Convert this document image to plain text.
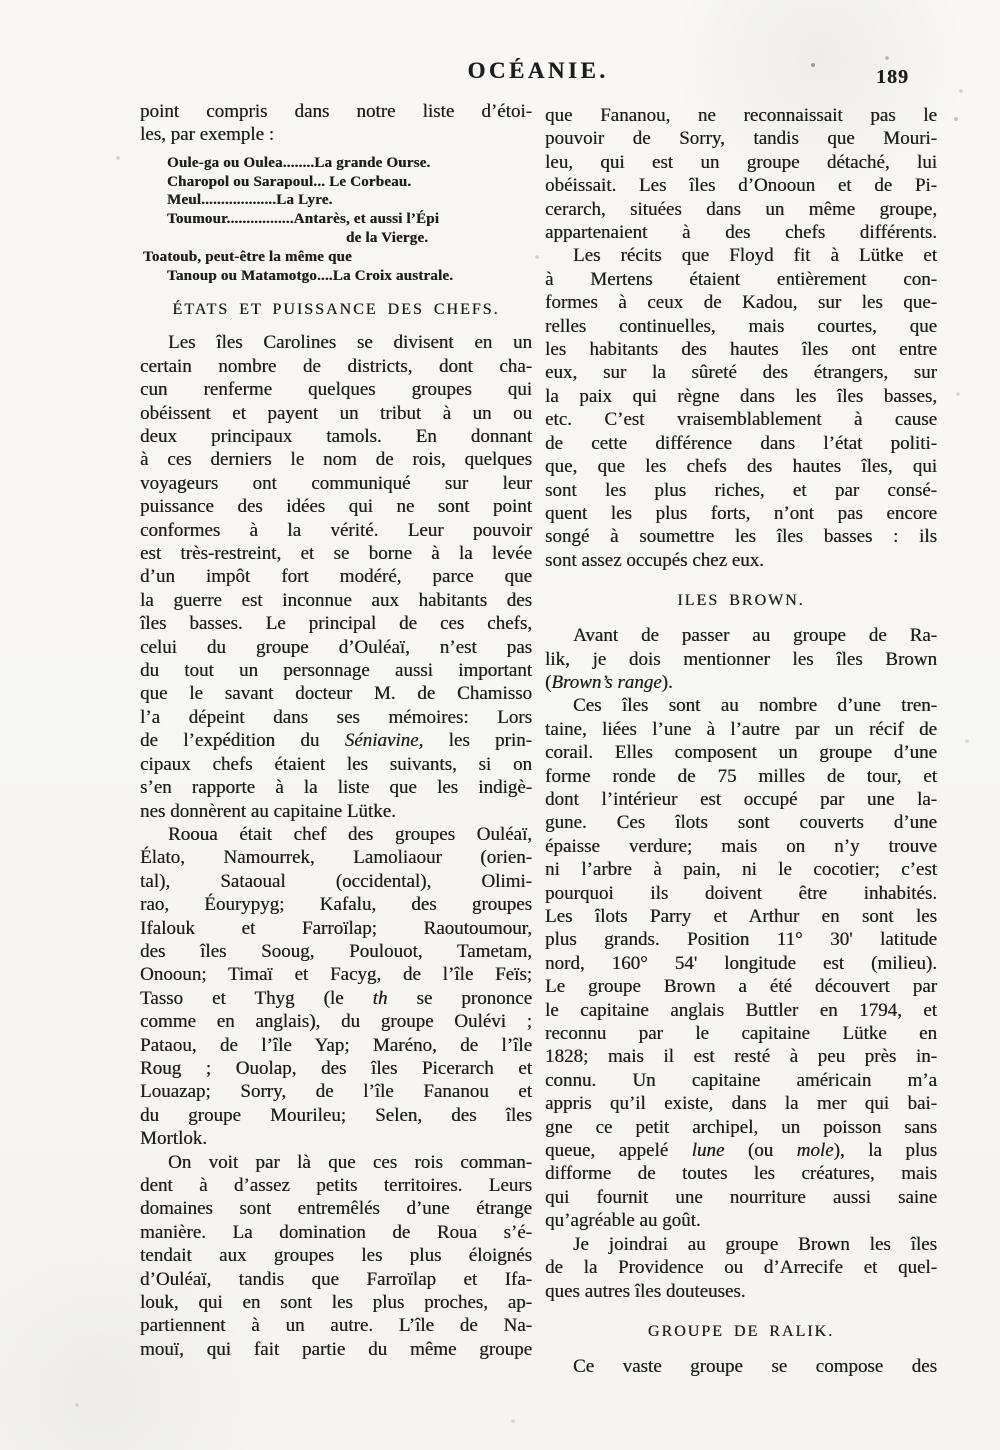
OCÉANIE.	189
point compris dans notre liste d’étoi-
les, par exemple :
Oule-ga ou Oulea........La grande Ourse.
Charopol ou Sarapoul... Le Corbeau.
Meul...................La Lyre.
Toumour.................Antarès, et aussi l’Épi
de la Vierge.
Toatoub, peut-être la même que
Tanoup ou Matamotgo....La Croix australe.
ÉTATS ET PUISSANCE DES CHEFS.
Les îles Carolines se divisent en un
certain nombre de districts, dont cha-
cun renferme quelques groupes qui
obéissent et payent un tribut à un ou
deux principaux tamols. En donnant
à ces derniers le nom de rois, quelques
voyageurs ont communiqué sur leur
puissance des idées qui ne sont point
conformes à la vérité. Leur pouvoir
est très-restreint, et se borne à la levée
d’un impôt fort modéré, parce que
la guerre est inconnue aux habitants des
îles basses. Le principal de ces chefs,
celui du groupe d’Ouléaï, n’est pas
du tout un personnage aussi important
que le savant docteur M. de Chamisso
l’a dépeint dans ses mémoires: Lors
de l’expédition du Séniavine, les prin-
cipaux chefs étaient les suivants, si on
s’en rapporte à la liste que les indigè-
nes donnèrent au capitaine Lütke.
Rooua était chef des groupes Ouléaï,
Élato, Namourrek, Lamoliaour (orien-
tal), Sataoual (occidental), Olimi-
rao, Éourypyg; Kafalu, des groupes
Ifalouk et Farroïlap; Raoutoumour,
des îles Sooug, Poulouot, Tametam,
Onooun; Timaï et Facyg, de l’île Feïs;
Tasso et Thyg (le th se prononce
comme en anglais), du groupe Oulévi ;
Pataou, de l’île Yap; Maréno, de l’île
Roug ; Ouolap, des îles Picerarch et
Louazap; Sorry, de l’île Fananou et
du groupe Mourileu; Selen, des îles
Mortlok.
On voit par là que ces rois comman-
dent à d’assez petits territoires. Leurs
domaines sont entremêlés d’une étrange
manière. La domination de Roua s’é-
tendait aux groupes les plus éloignés
d’Ouléaï, tandis que Farroïlap et Ifa-
louk, qui en sont les plus proches, ap-
partiennent à un autre. L’île de Na-
mouï, qui fait partie du même groupe
que Fananou, ne reconnaissait pas le
pouvoir de Sorry, tandis que Mouri-
leu, qui est un groupe détaché, lui
obéissait. Les îles d’Onooun et de Pi-
cerarch, situées dans un même groupe,
appartenaient à des chefs différents.
Les récits que Floyd fit à Lütke et
à Mertens étaient entièrement con-
formes à ceux de Kadou, sur les que-
relles continuelles, mais courtes, que
les habitants des hautes îles ont entre
eux, sur la sûreté des étrangers, sur
la paix qui règne dans les îles basses,
etc. C’est vraisemblablement à cause
de cette différence dans l’état politi-
que, que les chefs des hautes îles, qui
sont les plus riches, et par consé-
quent les plus forts, n’ont pas encore
songé à soumettre les îles basses : ils
sont assez occupés chez eux.
ILES BROWN.
Avant de passer au groupe de Ra-
lik, je dois mentionner les îles Brown
(Brown’s range).
Ces îles sont au nombre d’une tren-
taine, liées l’une à l’autre par un récif de
corail. Elles composent un groupe d’une
forme ronde de 75 milles de tour, et
dont l’intérieur est occupé par une la-
gune. Ces îlots sont couverts d’une
épaisse verdure; mais on n’y trouve
ni l’arbre à pain, ni le cocotier; c’est
pourquoi ils doivent être inhabités.
Les îlots Parry et Arthur en sont les
plus grands. Position 11° 30' latitude
nord, 160° 54' longitude est (milieu).
Le groupe Brown a été découvert par
le capitaine anglais Buttler en 1794, et
reconnu par le capitaine Lütke en
1828; mais il est resté à peu près in-
connu. Un capitaine américain m’a
appris qu’il existe, dans la mer qui bai-
gne ce petit archipel, un poisson sans
queue, appelé lune (ou mole), la plus
difforme de toutes les créatures, mais
qui fournit une nourriture aussi saine
qu’agréable au goût.
Je joindrai au groupe Brown les îles
de la Providence ou d’Arrecife et quel-
ques autres îles douteuses.
GROUPE DE RALIK.
Ce vaste groupe se compose des
